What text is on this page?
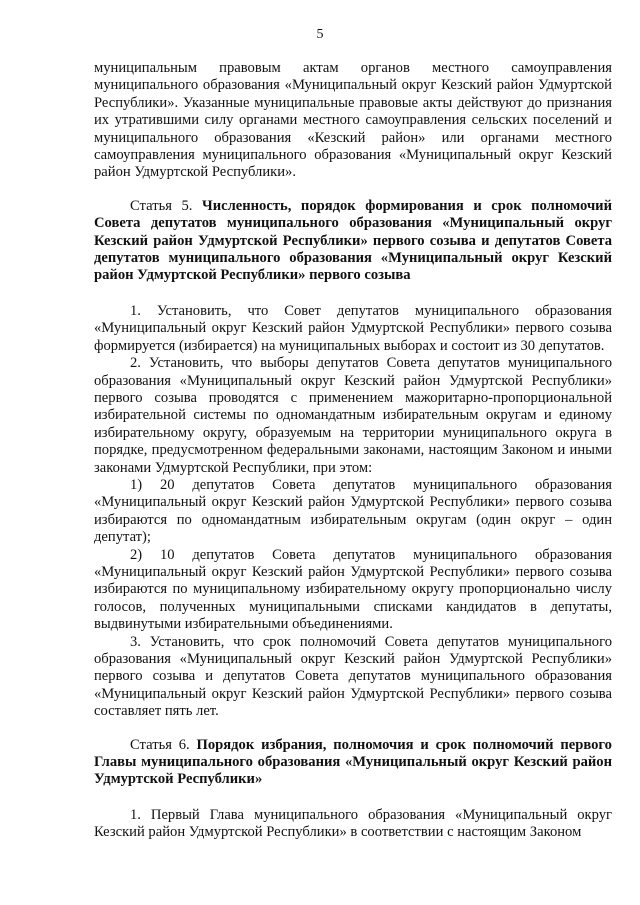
5

муниципальным правовым актам органов местного самоуправления муниципального образования «Муниципальный округ Кезский район Удмуртской Республики». Указанные муниципальные правовые акты действуют до признания их утратившими силу органами местного самоуправления сельских поселений и муниципального образования «Кезский район» или органами местного самоуправления муниципального образования «Муниципальный округ Кезский район Удмуртской Республики».

Статья 5. Численность, порядок формирования и срок полномочий Совета депутатов муниципального образования «Муниципальный округ Кезский район Удмуртской Республики» первого созыва и депутатов Совета депутатов муниципального образования «Муниципальный округ Кезский район Удмуртской Республики» первого созыва

1. Установить, что Совет депутатов муниципального образования «Муниципальный округ Кезский район Удмуртской Республики» первого созыва формируется (избирается) на муниципальных выборах и состоит из 30 депутатов.

2. Установить, что выборы депутатов Совета депутатов муниципального образования «Муниципальный округ Кезский район Удмуртской Республики» первого созыва проводятся с применением мажоритарно-пропорциональной избирательной системы по одномандатным избирательным округам и единому избирательному округу, образуемым на территории муниципального округа в порядке, предусмотренном федеральными законами, настоящим Законом и иными законами Удмуртской Республики, при этом:

1) 20 депутатов Совета депутатов муниципального образования «Муниципальный округ Кезский район Удмуртской Республики» первого созыва избираются по одномандатным избирательным округам (один округ – один депутат);

2) 10 депутатов Совета депутатов муниципального образования «Муниципальный округ Кезский район Удмуртской Республики» первого созыва избираются по муниципальному избирательному округу пропорционально числу голосов, полученных муниципальными списками кандидатов в депутаты, выдвинутыми избирательными объединениями.

3. Установить, что срок полномочий Совета депутатов муниципального образования «Муниципальный округ Кезский район Удмуртской Республики» первого созыва и депутатов Совета депутатов муниципального образования «Муниципальный округ Кезский район Удмуртской Республики» первого созыва составляет пять лет.

Статья 6. Порядок избрания, полномочия и срок полномочий первого Главы муниципального образования «Муниципальный округ Кезский район Удмуртской Республики»

1. Первый Глава муниципального образования «Муниципальный округ Кезский район Удмуртской Республики» в соответствии с настоящим Законом
